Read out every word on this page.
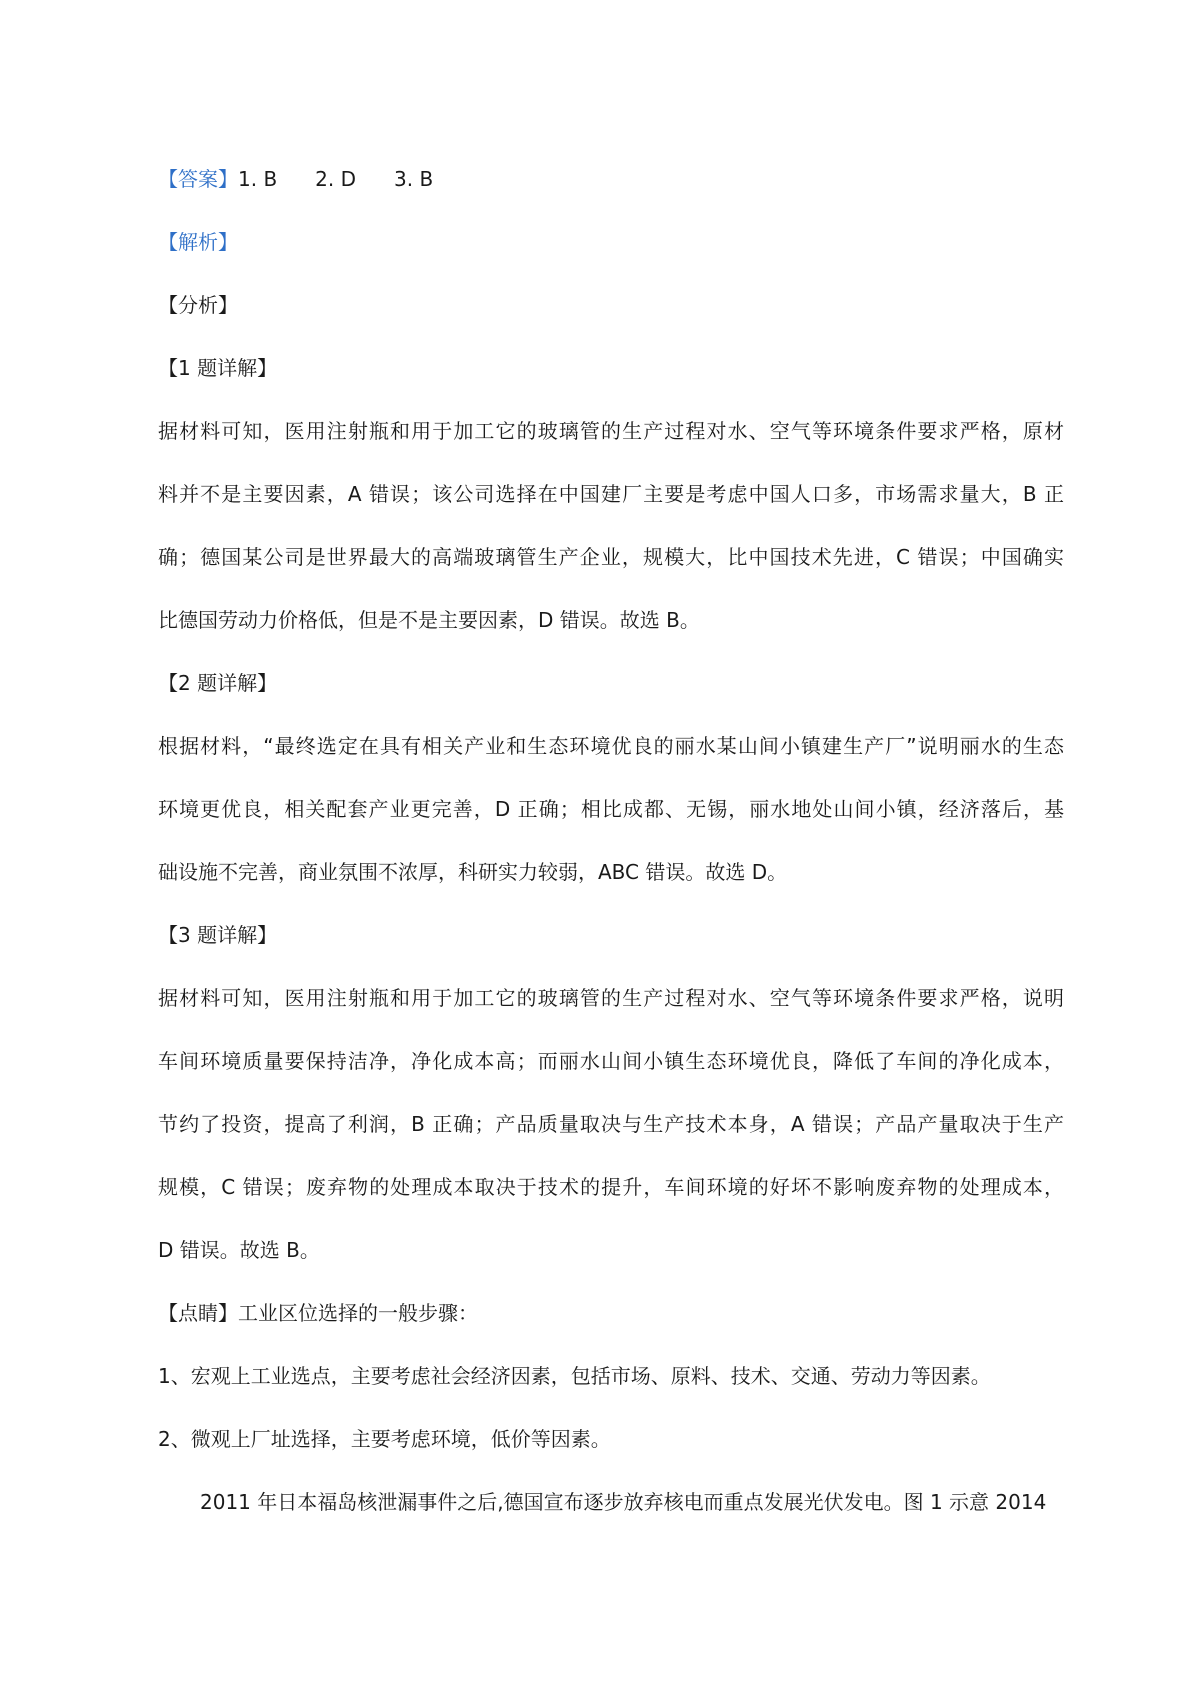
【答案】1. B 2. D 3. B
【解析】
【分析】
【1 题详解】
据材料可知，医用注射瓶和用于加工它的玻璃管的生产过程对水、空气等环境条件要求严格，原材
料并不是主要因素，A 错误；该公司选择在中国建厂主要是考虑中国人口多，市场需求量大，B 正
确；德国某公司是世界最大的高端玻璃管生产企业，规模大，比中国技术先进，C 错误；中国确实
比德国劳动力价格低，但是不是主要因素，D 错误。故选 B。
【2 题详解】
根据材料，“最终选定在具有相关产业和生态环境优良的丽水某山间小镇建生产厂”说明丽水的生态
环境更优良，相关配套产业更完善，D 正确；相比成都、无锡，丽水地处山间小镇，经济落后，基
础设施不完善，商业氛围不浓厚，科研实力较弱，ABC 错误。故选 D。
【3 题详解】
据材料可知，医用注射瓶和用于加工它的玻璃管的生产过程对水、空气等环境条件要求严格，说明
车间环境质量要保持洁净，净化成本高；而丽水山间小镇生态环境优良，降低了车间的净化成本，
节约了投资，提高了利润，B 正确；产品质量取决与生产技术本身，A 错误；产品产量取决于生产
规模，C 错误；废弃物的处理成本取决于技术的提升，车间环境的好坏不影响废弃物的处理成本，
D 错误。故选 B。
【点睛】工业区位选择的一般步骤：
1、宏观上工业选点，主要考虑社会经济因素，包括市场、原料、技术、交通、劳动力等因素。
2、微观上厂址选择，主要考虑环境，低价等因素。
2011 年日本福岛核泄漏事件之后,德国宣布逐步放弃核电而重点发展光伏发电。图 1 示意 2014
